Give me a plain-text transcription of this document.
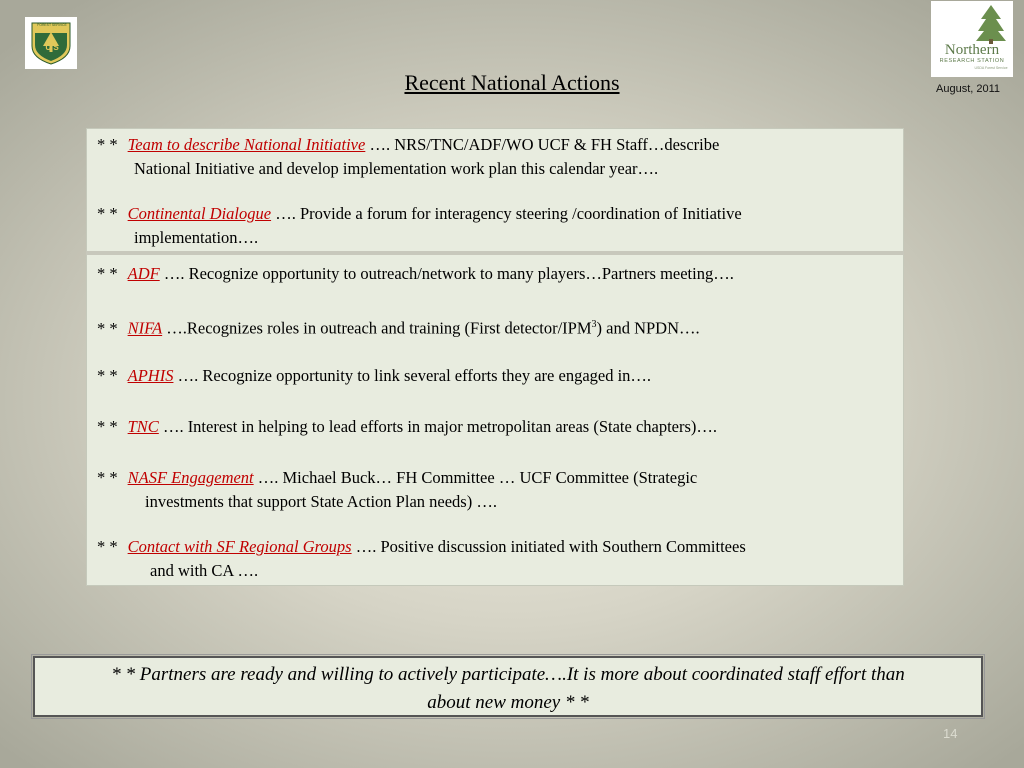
FOREST SERVICE
U S	Northern
RESEARCH STATION
USDA Forest Service
August, 2011
Recent National Actions
* * Team to describe National Initiative …. NRS/TNC/ADF/WO UCF & FH Staff…describe
National Initiative and develop implementation work plan this calendar year….
* * Continental Dialogue …. Provide a forum for interagency steering /coordination of Initiative
implementation….
* * ADF …. Recognize opportunity to outreach/network to many players…Partners meeting….
* * NIFA ….Recognizes roles in outreach and training (First detector/IPM$^3$) and NPDN….
* * APHIS …. Recognize opportunity to link several efforts they are engaged in….
* * TNC …. Interest in helping to lead efforts in major metropolitan areas (State chapters)….
* * NASF Engagement …. Michael Buck… FH Committee … UCF Committee (Strategic
investments that support State Action Plan needs) ….
* * Contact with SF Regional Groups …. Positive discussion initiated with Southern Committees
and with CA ….
* * Partners are ready and willing to actively participate….It is more about coordinated staff effort than
about new money * *
14
